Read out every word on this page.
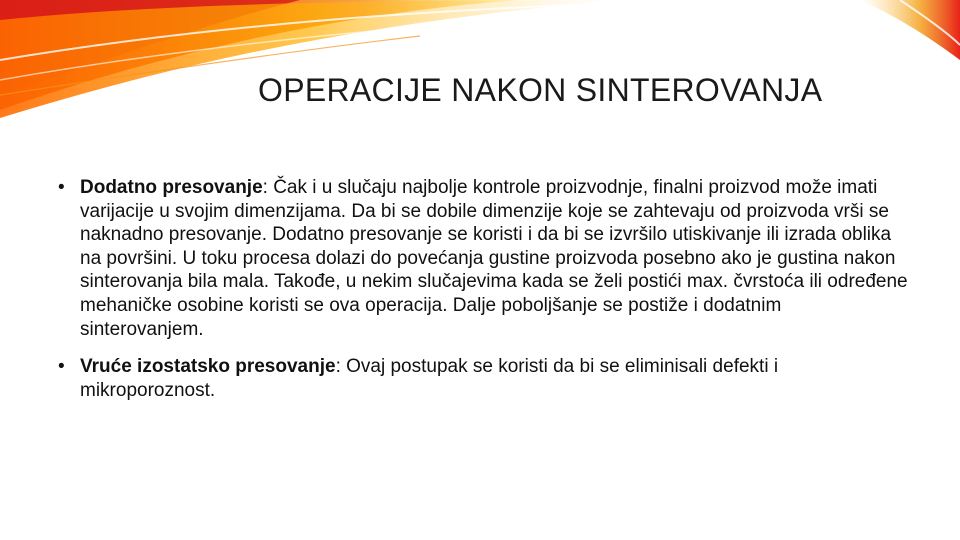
OPERACIJE NAKON SINTEROVANJA
• Dodatno presovanje: Čak i u slučaju najbolje kontrole proizvodnje, finalni proizvod može imati varijacije u svojim dimenzijama. Da bi se dobile dimenzije koje se zahtevaju od proizvoda vrši se naknadno presovanje. Dodatno presovanje se koristi i da bi se izvršilo utiskivanje ili izrada oblika na površini. U toku procesa dolazi do povećanja gustine proizvoda posebno ako je gustina nakon sinterovanja bila mala. Takođe, u nekim slučajevima kada se želi postići max. čvrstoća ili određene mehaničke osobine koristi se ova operacija. Dalje poboljšanje se postiže i dodatnim sinterovanjem.
• Vruće izostatsko presovanje: Ovaj postupak se koristi da bi se eliminisali defekti i mikroporoznost.
